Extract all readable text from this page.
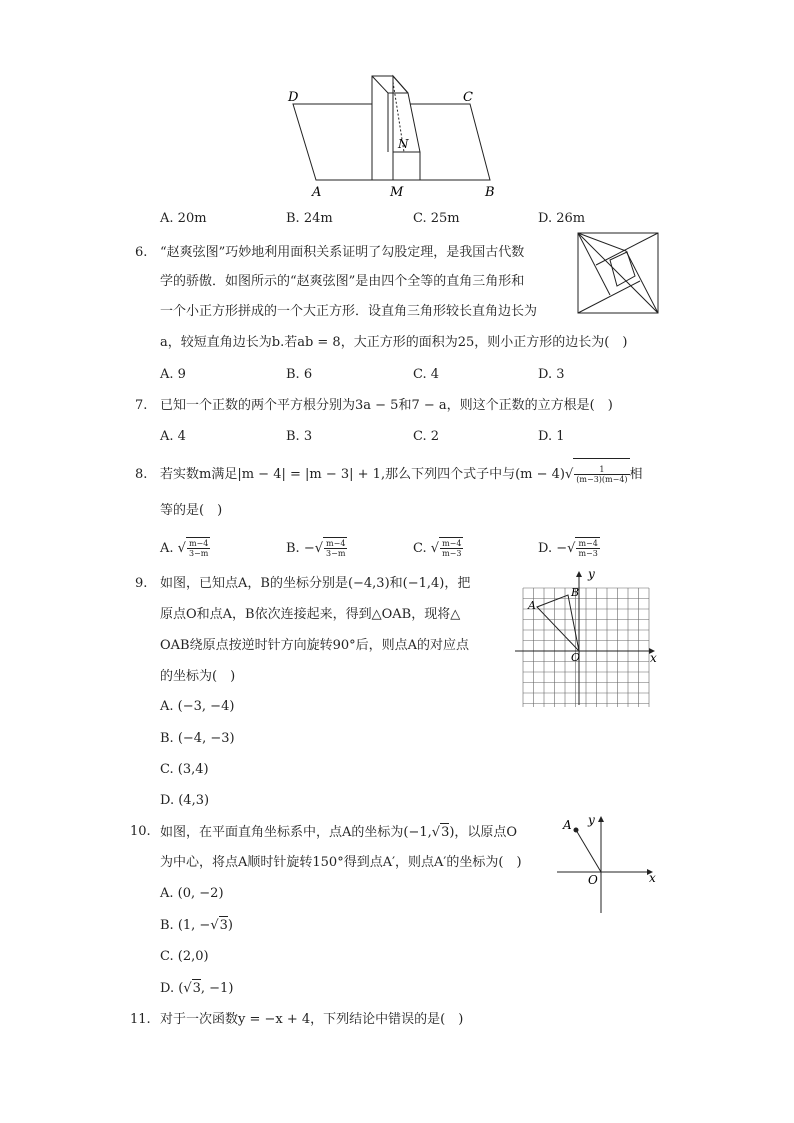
D	C
N
A	M	B
A. 20m	B. 24m	C. 25m	D. 26m
6. “赵爽弦图”巧妙地利用面积关系证明了勾股定理，是我国古代数
学的骄傲．如图所示的“赵爽弦图”是由四个全等的直角三角形和
一个小正方形拼成的一个大正方形．设直角三角形较长直角边长为
a，较短直角边长为b.若ab = 8，大正方形的面积为25，则小正方形的边长为(　)
A. 9	B. 6	C. 4	D. 3
7. 已知一个正数的两个平方根分别为3a − 5和7 − a，则这个正数的立方根是(　)
A. 4	B. 3	C. 2	D. 1
8. 若实数m满足|m − 4| = |m − 3| + 1,那么下列四个式子中与$(m - 4)√ \frac{1}{(m-3)(m-4)}$ 相
等的是(　)
A. √ $\frac{m-4}{3-m}$	B. −√ $\frac{m-4}{3-m}$	C. √ $\frac{m-4}{m-3}$	D. −√ $\frac{m-4}{m-3}$
9. 如图，已知点A，B的坐标分别是(−4,3)和(−1,4)，把
原点O和点A，B依次连接起来，得到△OAB，现将△
OAB绕原点按逆时针方向旋转90°后，则点A的对应点
的坐标为(　)
A
B
O	x
y
A. (−3, −4)
B. (−4, −3)
C. (3,4)
D. (4,3)
10. 如图，在平面直角坐标系中，点A的坐标为(−1,√3)，以原点O
为中心，将点A顺时针旋转150°得到点A′，则点A′的坐标为(　)
A y
O	x
A. (0, −2)
B. (1, −√3)
C. (2,0)
D. (√3, −1)
11. 对于一次函数y = −x + 4，下列结论中错误的是(　)
